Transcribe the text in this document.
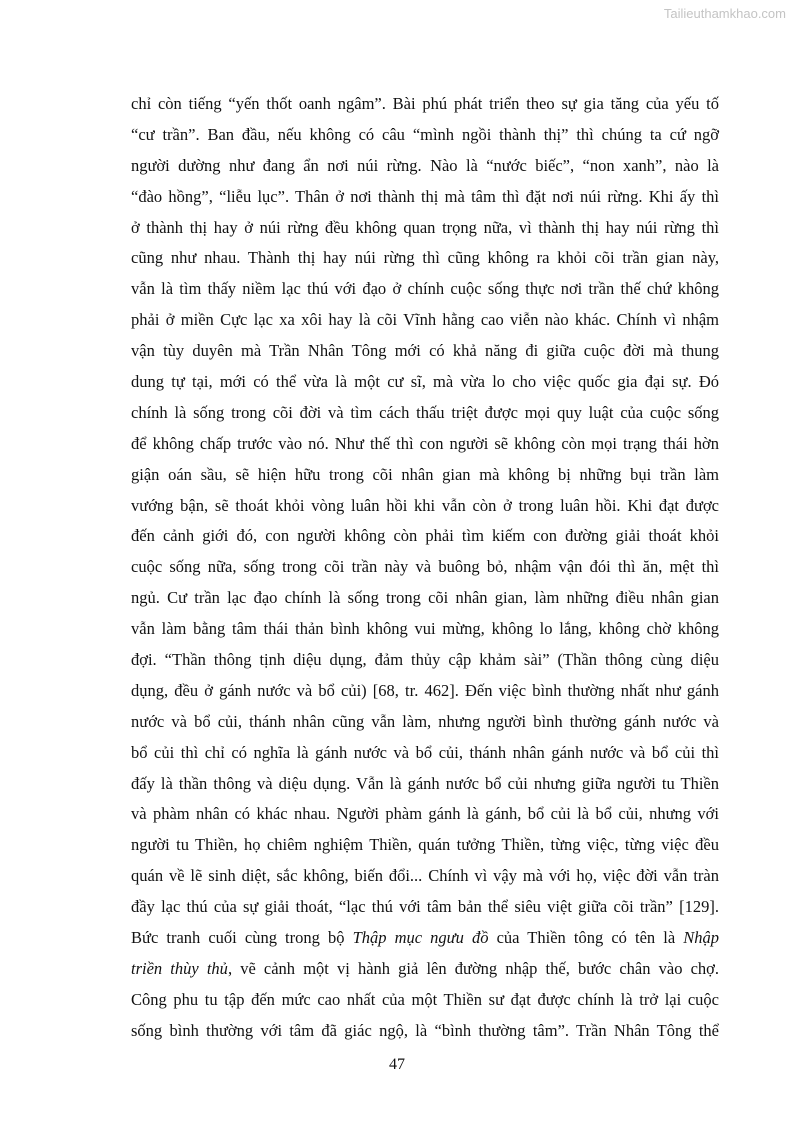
Tailieuthamkhao.com
chỉ còn tiếng “yến thốt oanh ngâm”. Bài phú phát triển theo sự gia tăng của yếu tố
“cư trần”. Ban đầu, nếu không có câu “mình ngồi thành thị” thì chúng ta cứ ngỡ
người dường như đang ẩn nơi núi rừng. Nào là “nước biếc”, “non xanh”, nào là
“đào hồng”, “liễu lục”. Thân ở nơi thành thị mà tâm thì đặt nơi núi rừng. Khi ấy thì
ở thành thị hay ở núi rừng đều không quan trọng nữa, vì thành thị hay núi rừng thì
cũng như nhau. Thành thị hay núi rừng thì cũng không ra khỏi cõi trần gian này,
vẫn là tìm thấy niềm lạc thú với đạo ở chính cuộc sống thực nơi trần thế chứ không
phải ở miền Cực lạc xa xôi hay là cõi Vĩnh hằng cao viễn nào khác. Chính vì nhậm
vận tùy duyên mà Trần Nhân Tông mới có khả năng đi giữa cuộc đời mà thung
dung tự tại, mới có thể vừa là một cư sĩ, mà vừa lo cho việc quốc gia đại sự. Đó
chính là sống trong cõi đời và tìm cách thấu triệt được mọi quy luật của cuộc sống
để không chấp trước vào nó. Như thế thì con người sẽ không còn mọi trạng thái hờn
giận oán sầu, sẽ hiện hữu trong cõi nhân gian mà không bị những bụi trần làm
vướng bận, sẽ thoát khỏi vòng luân hồi khi vẫn còn ở trong luân hồi. Khi đạt được
đến cảnh giới đó, con người không còn phải tìm kiếm con đường giải thoát khỏi
cuộc sống nữa, sống trong cõi trần này và buông bỏ, nhậm vận đói thì ăn, mệt thì
ngủ. Cư trần lạc đạo chính là sống trong cõi nhân gian, làm những điều nhân gian
vẫn làm bằng tâm thái thản bình không vui mừng, không lo lắng, không chờ không
đợi. “Thần thông tịnh diệu dụng, đảm thủy cập khảm sài” (Thần thông cùng diệu
dụng, đều ở gánh nước và bổ củi) [68, tr. 462]. Đến việc bình thường nhất như gánh
nước và bổ củi, thánh nhân cũng vẫn làm, nhưng người bình thường gánh nước và
bổ củi thì chỉ có nghĩa là gánh nước và bổ củi, thánh nhân gánh nước và bổ củi thì
đấy là thần thông và diệu dụng. Vẫn là gánh nước bổ củi nhưng giữa người tu Thiền
và phàm nhân có khác nhau. Người phàm gánh là gánh, bổ củi là bổ củi, nhưng với
người tu Thiền, họ chiêm nghiệm Thiền, quán tưởng Thiền, từng việc, từng việc đều
quán về lẽ sinh diệt, sắc không, biến đổi... Chính vì vậy mà với họ, việc đời vẫn tràn
đầy lạc thú của sự giải thoát, “lạc thú với tâm bản thể siêu việt giữa cõi trần” [129].
Bức tranh cuối cùng trong bộ Thập mục ngưu đồ của Thiền tông có tên là Nhập
triền thùy thủ, vẽ cảnh một vị hành giả lên đường nhập thế, bước chân vào chợ.
Công phu tu tập đến mức cao nhất của một Thiền sư đạt được chính là trở lại cuộc
sống bình thường với tâm đã giác ngộ, là “bình thường tâm”. Trần Nhân Tông thể
47
